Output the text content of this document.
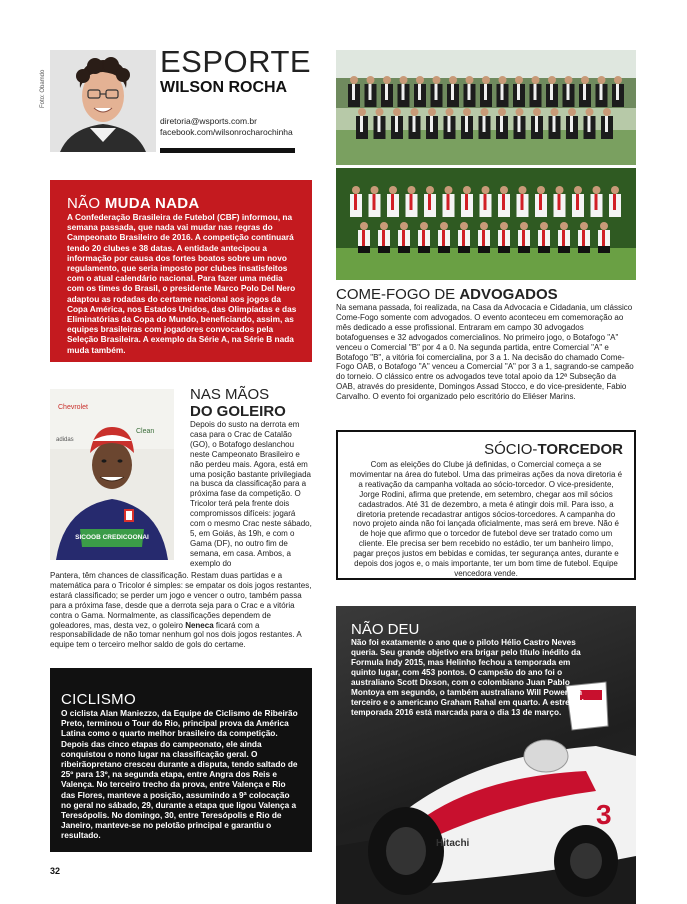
Foto: Obamdo
ESPORTE
WILSON ROCHA
diretoria@wsports.com.br
facebook.com/wilsonrocharochinha
NÃO MUDA NADA
A Confederação Brasileira de Futebol (CBF) informou, na semana passada, que nada vai mudar nas regras do Campeonato Brasileiro de 2016. A competição continuará tendo 20 clubes e 38 datas. A entidade antecipou a informação por causa dos fortes boatos sobre um novo regulamento, que seria imposto por clubes insatisfeitos com o atual calendário nacional. Para fazer uma média com os times do Brasil, o presidente Marco Polo Del Nero adaptou as rodadas do certame nacional aos jogos da Copa América, nos Estados Unidos, das Olimpíadas e das Eliminatórias da Copa do Mundo, beneficiando, assim, as equipes brasileiras com jogadores convocados pela Seleção Brasileira. A exemplo da Série A, na Série B nada muda também.
Chevrolet
Clean
adidas
SICOOB CREDICOONAI
NAS MÃOS
DO GOLEIRO
Depois do susto na derrota em casa para o Crac de Catalão (GO), o Botafogo deslanchou neste Campeonato Brasileiro e não perdeu mais. Agora, está em uma posição bastante privilegiada na busca da classificação para a próxima fase da competição. O Tricolor terá pela frente dois compromissos difíceis: jogará com o mesmo Crac neste sábado, 5, em Goiás, às 19h, e com o Gama (DF), no outro fim de semana, em casa. Ambos, a exemplo do
Pantera, têm chances de classificação. Restam duas partidas e a matemática para o Tricolor é simples: se empatar os dois jogos restantes, estará classificado; se perder um jogo e vencer o outro, também passa para a próxima fase, desde que a derrota seja para o Crac e a vitória contra o Gama. Normalmente, as classificações dependem de goleadores, mas, desta vez, o goleiro Neneca ficará com a responsabilidade de não tomar nenhum gol nos dois jogos restantes. A equipe tem o terceiro melhor saldo de gols do certame.
CICLISMO
O ciclista Alan Maniezzo, da Equipe de Ciclismo de Ribeirão Preto, terminou o Tour do Rio, principal prova da América Latina como o quarto melhor brasileiro da competição. Depois das cinco etapas do campeonato, ele ainda conquistou o nono lugar na classificação geral. O ribeirãopretano cresceu durante a disputa, tendo saltado de 25º para 13º, na segunda etapa, entre Angra dos Reis e Valença. No terceiro trecho da prova, entre Valença e Rio das Flores, manteve a posição, assumindo a 9ª colocação no geral no sábado, 29, durante a etapa que ligou Valença a Teresópolis. No domingo, 30, entre Teresópolis e Rio de Janeiro, manteve-se no pelotão principal e garantiu o resultado.
32
COME-FOGO DE ADVOGADOS
Na semana passada, foi realizada, na Casa da Advocacia e Cidadania, um clássico Come-Fogo somente com advogados. O evento aconteceu em comemoração ao mês dedicado a esse profissional. Entraram em campo 30 advogados botafoguenses e 32 advogados comercialinos. No primeiro jogo, o Botafogo "A" venceu o Comercial "B" por 4 a 0. Na segunda partida, entre Comercial "A" e Botafogo "B", a vitória foi comercialina, por 3 a 1. Na decisão do chamado Come-Fogo OAB, o Botafogo "A" venceu a Comercial "A" por 3 a 1, sagrando-se campeão do torneio. O clássico entre os advogados teve total apoio da 12ª Subseção da OAB, através do presidente, Domingos Assad Stocco, e do vice-presidente, Fabio Carvalho. O evento foi organizado pelo escritório do Eliéser Marins.
SÓCIO-TORCEDOR
Com as eleições do Clube já definidas, o Comercial começa a se movimentar na área do futebol. Uma das primeiras ações da nova diretoria é a reativação da campanha voltada ao sócio-torcedor. O vice-presidente, Jorge Rodini, afirma que pretende, em setembro, chegar aos mil sócios cadastrados. Até 31 de dezembro, a meta é atingir dois mil. Para isso, a diretoria pretende recadastrar antigos sócios-torcedores. A campanha do novo projeto ainda não foi lançada oficialmente, mas será em breve. Não é de hoje que afirmo que o torcedor de futebol deve ser tratado como um cliente. Ele precisa ser bem recebido no estádio, ter um banheiro limpo, pagar preços justos em bebidas e comidas, ter segurança antes, durante e depois dos jogos e, o mais importante, ter um bom time de futebol. Equipe vencedora vende.
3
Hitachi
NÃO DEU
Não foi exatamente o ano que o piloto Hélio Castro Neves queria. Seu grande objetivo era brigar pelo título inédito da Formula Indy 2015, mas Helinho fechou a temporada em quinto lugar, com 453 pontos. O campeão do ano foi o australiano Scott Dixson, com o colombiano Juan Pablo Montoya em segundo, o também australiano Will Power em terceiro e o americano Graham Rahal em quarto. A estreia da temporada 2016 está marcada para o dia 13 de março.
